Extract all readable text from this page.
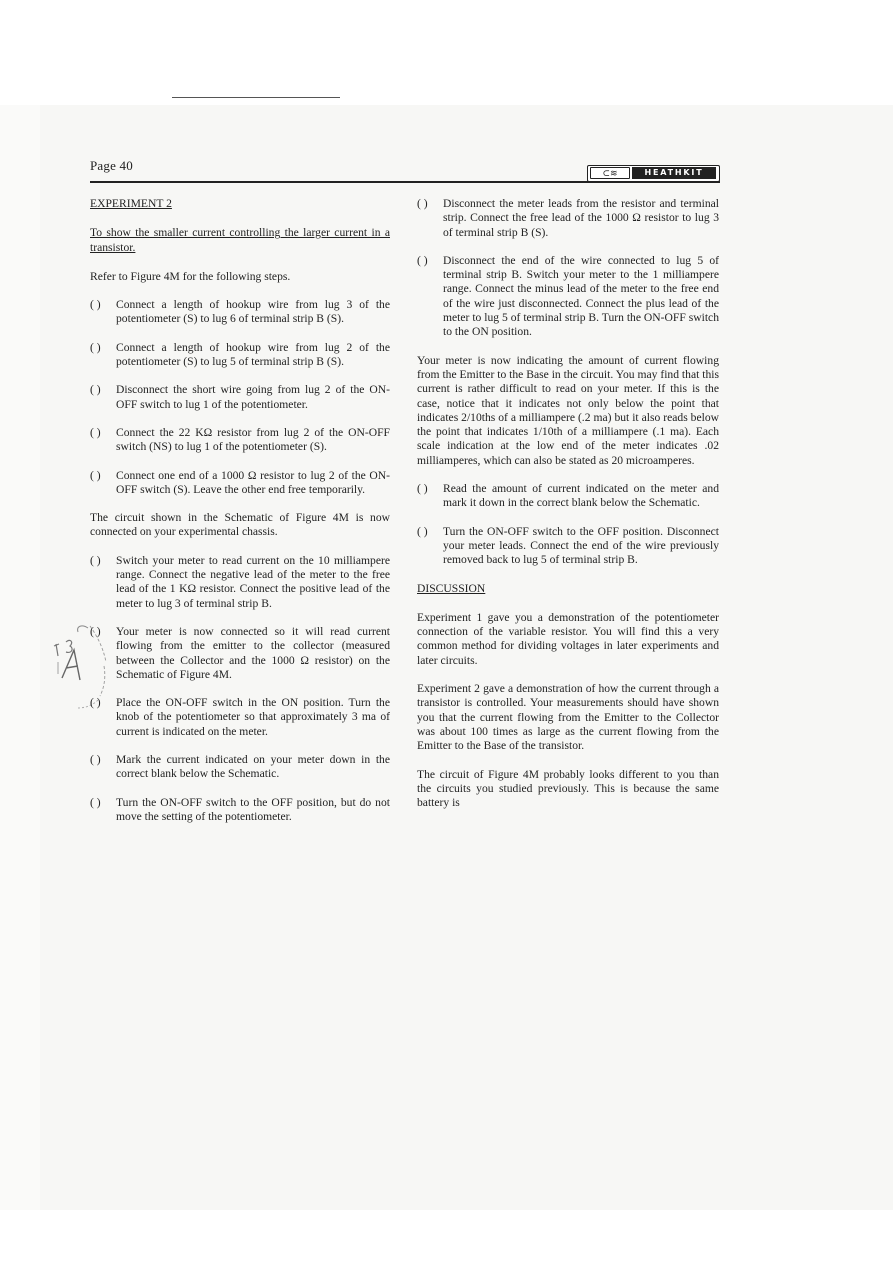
Page 40	⊂≋	HEATHKIT
EXPERIMENT 2
To show the smaller current controlling the larger current in a transistor.
Refer to Figure 4M for the following steps.
( ) Connect a length of hookup wire from lug 3 of the potentiometer (S) to lug 6 of terminal strip B (S).
( ) Connect a length of hookup wire from lug 2 of the potentiometer (S) to lug 5 of terminal strip B (S).
( ) Disconnect the short wire going from lug 2 of the ON-OFF switch to lug 1 of the potentiometer.
( ) Connect the 22 KΩ resistor from lug 2 of the ON-OFF switch (NS) to lug 1 of the potentiometer (S).
( ) Connect one end of a 1000 Ω resistor to lug 2 of the ON-OFF switch (S). Leave the other end free temporarily.
The circuit shown in the Schematic of Figure 4M is now connected on your experimental chassis.
( ) Switch your meter to read current on the 10 milliampere range. Connect the negative lead of the meter to the free lead of the 1 KΩ resistor. Connect the positive lead of the meter to lug 3 of terminal strip B.
( ) Your meter is now connected so it will read current flowing from the emitter to the collector (measured between the Collector and the 1000 Ω resistor) on the Schematic of Figure 4M.
( ) Place the ON-OFF switch in the ON position. Turn the knob of the potentiometer so that approximately 3 ma of current is indicated on the meter.
( ) Mark the current indicated on your meter down in the correct blank below the Schematic.
( ) Turn the ON-OFF switch to the OFF position, but do not move the setting of the potentiometer.
( ) Disconnect the meter leads from the resistor and terminal strip. Connect the free lead of the 1000 Ω resistor to lug 3 of terminal strip B (S).
( ) Disconnect the end of the wire connected to lug 5 of terminal strip B. Switch your meter to the 1 milliampere range. Connect the minus lead of the meter to the free end of the wire just disconnected. Connect the plus lead of the meter to lug 5 of terminal strip B. Turn the ON-OFF switch to the ON position.
Your meter is now indicating the amount of current flowing from the Emitter to the Base in the circuit. You may find that this current is rather difficult to read on your meter. If this is the case, notice that it indicates not only below the point that indicates 2/10ths of a milliampere (.2 ma) but it also reads below the point that indicates 1/10th of a milliampere (.1 ma). Each scale indication at the low end of the meter indicates .02 milliamperes, which can also be stated as 20 microamperes.
( ) Read the amount of current indicated on the meter and mark it down in the correct blank below the Schematic.
( ) Turn the ON-OFF switch to the OFF position. Disconnect your meter leads. Connect the end of the wire previously removed back to lug 5 of terminal strip B.
DISCUSSION
Experiment 1 gave you a demonstration of the potentiometer connection of the variable resistor. You will find this a very common method for dividing voltages in later experiments and later circuits.
Experiment 2 gave a demonstration of how the current through a transistor is controlled. Your measurements should have shown you that the current flowing from the Emitter to the Collector was about 100 times as large as the current flowing from the Emitter to the Base of the transistor.
The circuit of Figure 4M probably looks different to you than the circuits you studied previously. This is because the same battery is
